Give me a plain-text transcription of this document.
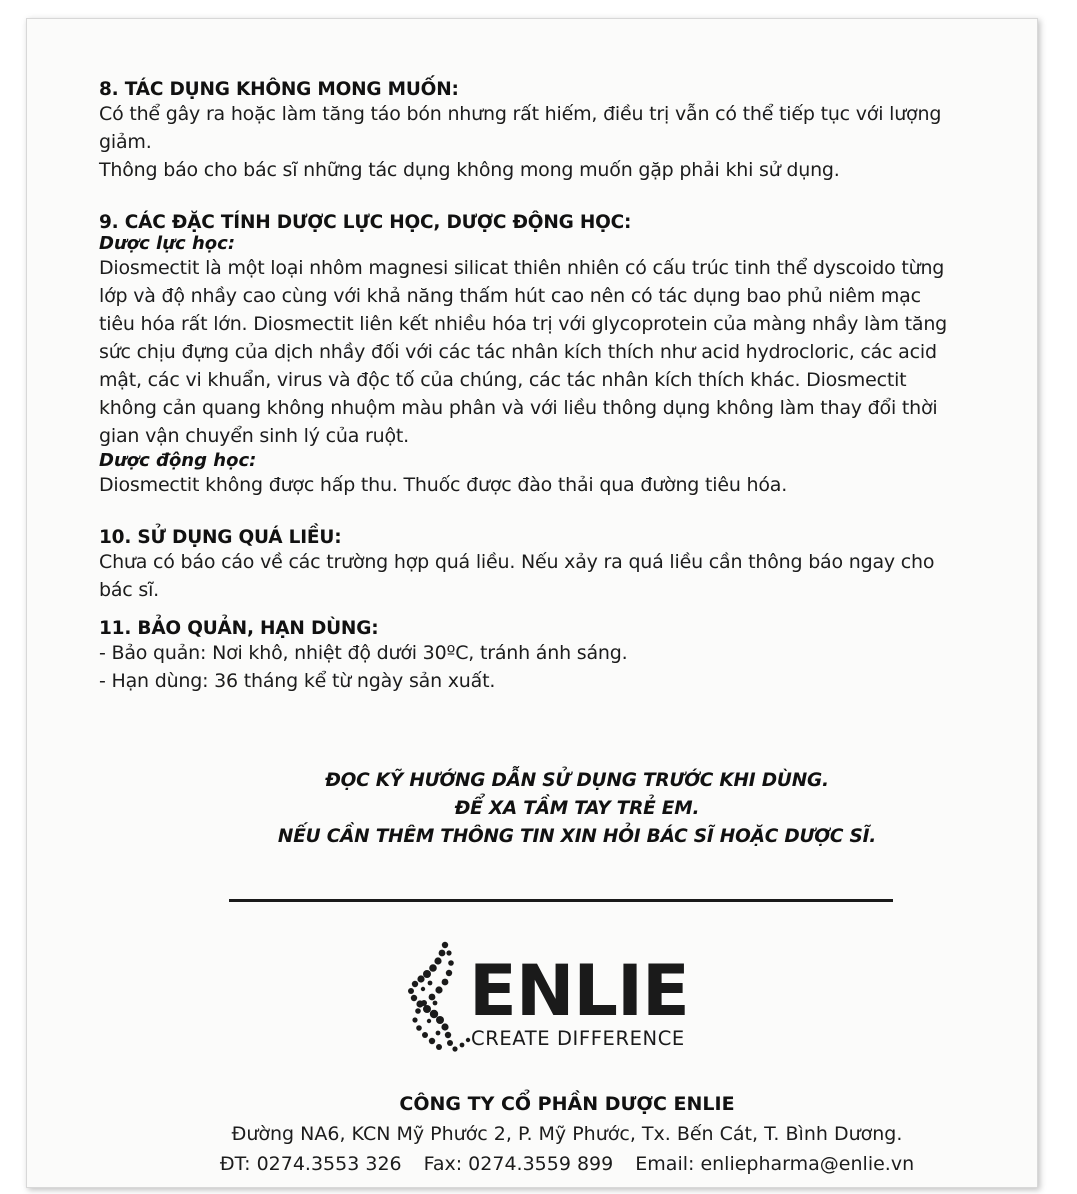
8. TÁC DỤNG KHÔNG MONG MUỐN:

Có thể gây ra hoặc làm tăng táo bón nhưng rất hiếm, điều trị vẫn có thể tiếp tục với lượng

giảm.

Thông báo cho bác sĩ những tác dụng không mong muốn gặp phải khi sử dụng.

9. CÁC ĐẶC TÍNH DƯỢC LỰC HỌC, DƯỢC ĐỘNG HỌC:

Dược lực học:

Diosmectit là một loại nhôm magnesi silicat thiên nhiên có cấu trúc tinh thể dyscoido từng

lớp và độ nhầy cao cùng với khả năng thấm hút cao nên có tác dụng bao phủ niêm mạc

tiêu hóa rất lớn. Diosmectit liên kết nhiều hóa trị với glycoprotein của màng nhầy làm tăng

sức chịu đựng của dịch nhầy đối với các tác nhân kích thích như acid hydrocloric, các acid

mật, các vi khuẩn, virus và độc tố của chúng, các tác nhân kích thích khác. Diosmectit

không cản quang không nhuộm màu phân và với liều thông dụng không làm thay đổi thời

gian vận chuyển sinh lý của ruột.

Dược động học:

Diosmectit không được hấp thu. Thuốc được đào thải qua đường tiêu hóa.

10. SỬ DỤNG QUÁ LIỀU:

Chưa có báo cáo về các trường hợp quá liều. Nếu xảy ra quá liều cần thông báo ngay cho

bác sĩ.

11. BẢO QUẢN, HẠN DÙNG:

- Bảo quản: Nơi khô, nhiệt độ dưới 30ºC, tránh ánh sáng.

- Hạn dùng: 36 tháng kể từ ngày sản xuất.

ĐỌC KỸ HƯỚNG DẪN SỬ DỤNG TRƯỚC KHI DÙNG.
ĐỂ XA TẦM TAY TRẺ EM.
NẾU CẦN THÊM THÔNG TIN XIN HỎI BÁC SĨ HOẶC DƯỢC SĨ.
ENLIE
CREATE DIFFERENCE
CÔNG TY CỔ PHẦN DƯỢC ENLIE
Đường NA6, KCN Mỹ Phước 2, P. Mỹ Phước, Tx. Bến Cát, T. Bình Dương.
ĐT: 0274.3553 326 Fax: 0274.3559 899 Email: enliepharma@enlie.vn
